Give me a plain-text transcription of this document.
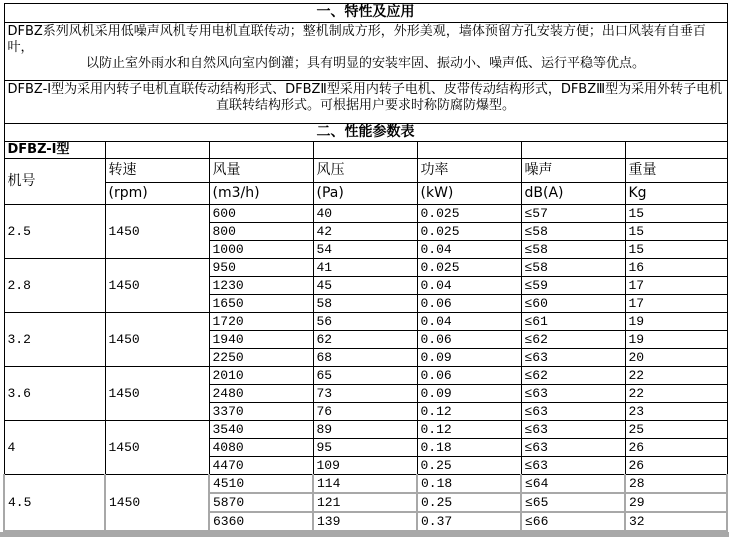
一、特性及应用						

DFBZ系列风机采用低噪声风机专用电机直联传动；整机制成方形，外形美观，墙体预留方孔安装方便；出口风装有自垂百叶，
以防止室外雨水和自然风向室内倒灌；具有明显的安装牢固、振动小、噪声低、运行平稳等优点。						

DFBZ-Ⅰ型为采用内转子电机直联传动结构形式、DFBZⅡ型采用内转子电机、皮带传动结构形式，DFBZⅢ型为采用外转子电机
直联转结构形式。可根据用户要求时称防腐防爆型。						

二、性能参数表						
DFBZ-Ⅰ型						
机号	转速	风量	风压	功率	噪声	重量
	(rpm)	(m3/h)	(Pa)	(kW)	dB(A)	Kg
2.5	1450	600	40	0.025	≤57	15
		800	42	0.025	≤58	15
		1000	54	0.04	≤58	15
2.8	1450	950	41	0.025	≤58	16
		1230	45	0.04	≤59	17
		1650	58	0.06	≤60	17
3.2	1450	1720	56	0.04	≤61	19
		1940	62	0.06	≤62	19
		2250	68	0.09	≤63	20
3.6	1450	2010	65	0.06	≤62	22
		2480	73	0.09	≤63	22
		3370	76	0.12	≤63	23
4	1450	3540	89	0.12	≤63	25
		4080	95	0.18	≤63	26
		4470	109	0.25	≤63	26
4.5	1450	4510	114	0.18	≤64	28
		5870	121	0.25	≤65	29
		6360	139	0.37	≤66	32
